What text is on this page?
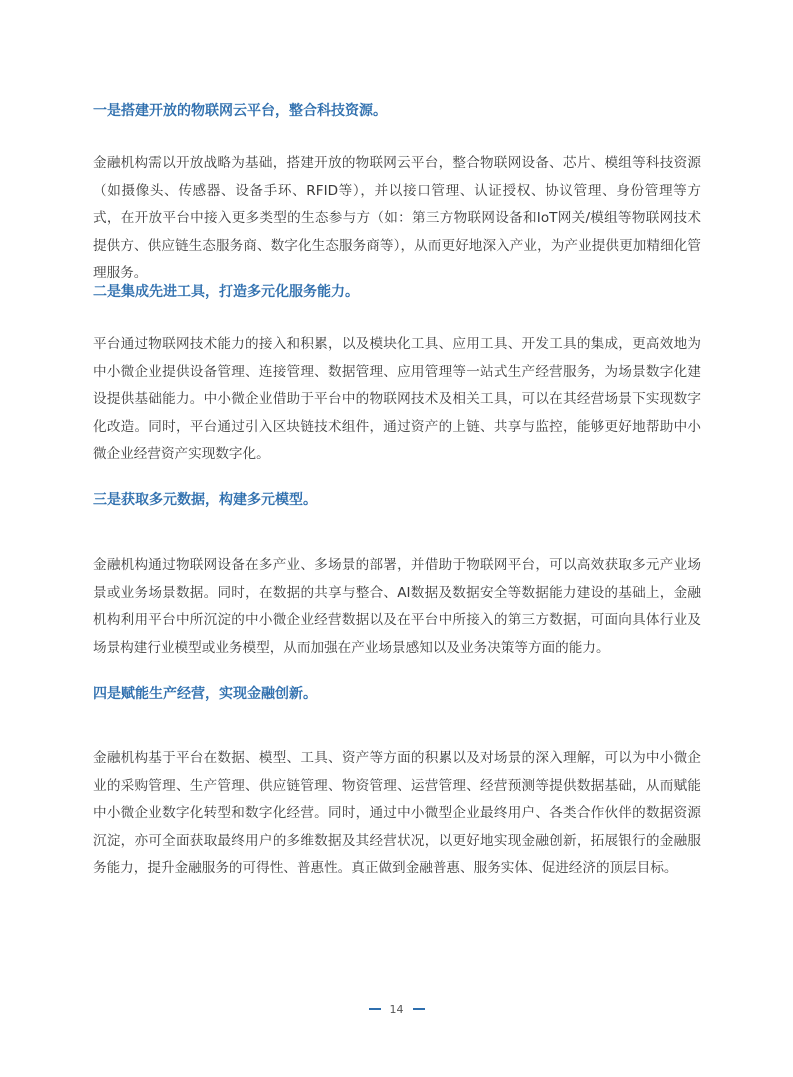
一是搭建开放的物联网云平台，整合科技资源。

金融机构需以开放战略为基础，搭建开放的物联网云平台，整合物联网设备、芯片、模组等科技资源（如摄像头、传感器、设备手环、RFID等），并以接口管理、认证授权、协议管理、身份管理等方式，在开放平台中接入更多类型的生态参与方（如：第三方物联网设备和IoT网关/模组等物联网技术提供方、供应链生态服务商、数字化生态服务商等），从而更好地深入产业，为产业提供更加精细化管理服务。

二是集成先进工具，打造多元化服务能力。

平台通过物联网技术能力的接入和积累，以及模块化工具、应用工具、开发工具的集成，更高效地为中小微企业提供设备管理、连接管理、数据管理、应用管理等一站式生产经营服务，为场景数字化建设提供基础能力。中小微企业借助于平台中的物联网技术及相关工具，可以在其经营场景下实现数字化改造。同时，平台通过引入区块链技术组件，通过资产的上链、共享与监控，能够更好地帮助中小微企业经营资产实现数字化。

三是获取多元数据，构建多元模型。

金融机构通过物联网设备在多产业、多场景的部署，并借助于物联网平台，可以高效获取多元产业场景或业务场景数据。同时，在数据的共享与整合、AI数据及数据安全等数据能力建设的基础上，金融机构利用平台中所沉淀的中小微企业经营数据以及在平台中所接入的第三方数据，可面向具体行业及场景构建行业模型或业务模型，从而加强在产业场景感知以及业务决策等方面的能力。

四是赋能生产经营，实现金融创新。

金融机构基于平台在数据、模型、工具、资产等方面的积累以及对场景的深入理解，可以为中小微企业的采购管理、生产管理、供应链管理、物资管理、运营管理、经营预测等提供数据基础，从而赋能中小微企业数字化转型和数字化经营。同时，通过中小微型企业最终用户、各类合作伙伴的数据资源沉淀，亦可全面获取最终用户的多维数据及其经营状况，以更好地实现金融创新，拓展银行的金融服务能力，提升金融服务的可得性、普惠性。真正做到金融普惠、服务实体、促进经济的顶层目标。

14
